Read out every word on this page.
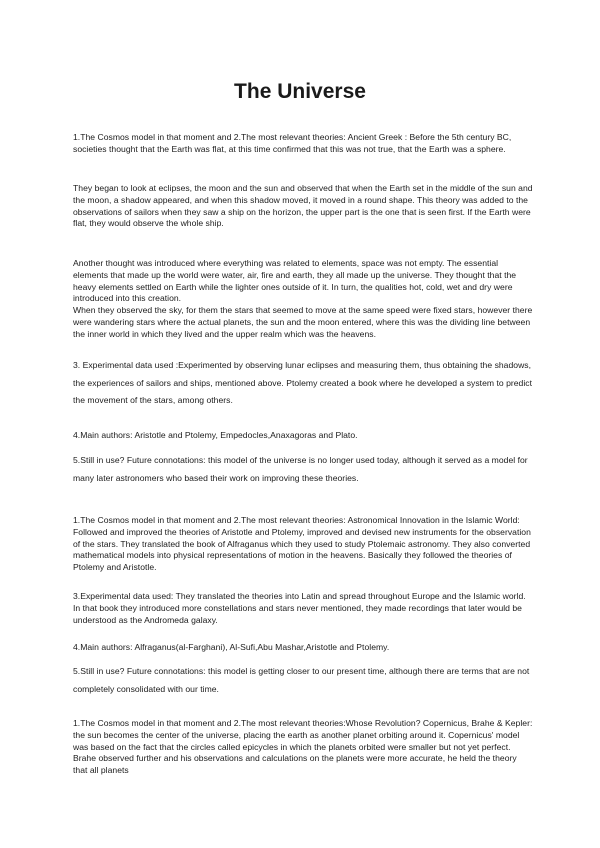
The Universe

1.The Cosmos model in that moment and 2.The most relevant theories: Ancient Greek : Before the 5th century BC, societies thought that the Earth was flat, at this time confirmed that this was not true, that the Earth was a sphere.

They began to look at eclipses, the moon and the sun and observed that when the Earth set in the middle of the sun and the moon, a shadow appeared, and when this shadow moved, it moved in a round shape. This theory was added to the observations of sailors when they saw a ship on the horizon, the upper part is the one that is seen first. If the Earth were flat, they would observe the whole ship.

Another thought was introduced where everything was related to elements, space was not empty. The essential elements that made up the world were water, air, fire and earth, they all made up the universe. They thought that the heavy elements settled on Earth while the lighter ones outside of it. In turn, the qualities hot, cold, wet and dry were introduced into this creation.
When they observed the sky, for them the stars that seemed to move at the same speed were fixed stars, however there were wandering stars where the actual planets, the sun and the moon entered, where this was the dividing line between the inner world in which they lived and the upper realm which was the heavens.

3. Experimental data used :Experimented by observing lunar eclipses and measuring them, thus obtaining the shadows, the experiences of sailors and ships, mentioned above. Ptolemy created a book where he developed a system to predict the movement of the stars, among others.

4.Main authors: Aristotle and Ptolemy, Empedocles,Anaxagoras and Plato.

5.Still in use? Future connotations: this model of the universe is no longer used today, although it served as a model for many later astronomers who based their work on improving these theories.

1.The Cosmos model in that moment and 2.The most relevant theories: Astronomical Innovation in the Islamic World: Followed and improved the theories of Aristotle and Ptolemy, improved and devised new instruments for the observation of the stars. They translated the book of Alfraganus which they used to study Ptolemaic astronomy. They also converted mathematical models into physical representations of motion in the heavens. Basically they followed the theories of Ptolemy and Aristotle.

3.Experimental data used: They translated the theories into Latin and spread throughout Europe and the Islamic world. In that book they introduced more constellations and stars never mentioned, they made recordings that later would be understood as the Andromeda galaxy.

4.Main authors: Alfraganus(al-Farghani), Al-Sufi,Abu Mashar,Aristotle and Ptolemy.

5.Still in use? Future connotations: this model is getting closer to our present time, although there are terms that are not completely consolidated with our time.

1.The Cosmos model in that moment and 2.The most relevant theories:Whose Revolution? Copernicus, Brahe & Kepler: the sun becomes the center of the universe, placing the earth as another planet orbiting around it. Copernicus' model was based on the fact that the circles called epicycles in which the planets orbited were smaller but not yet perfect. Brahe observed further and his observations and calculations on the planets were more accurate, he held the theory that all planets
